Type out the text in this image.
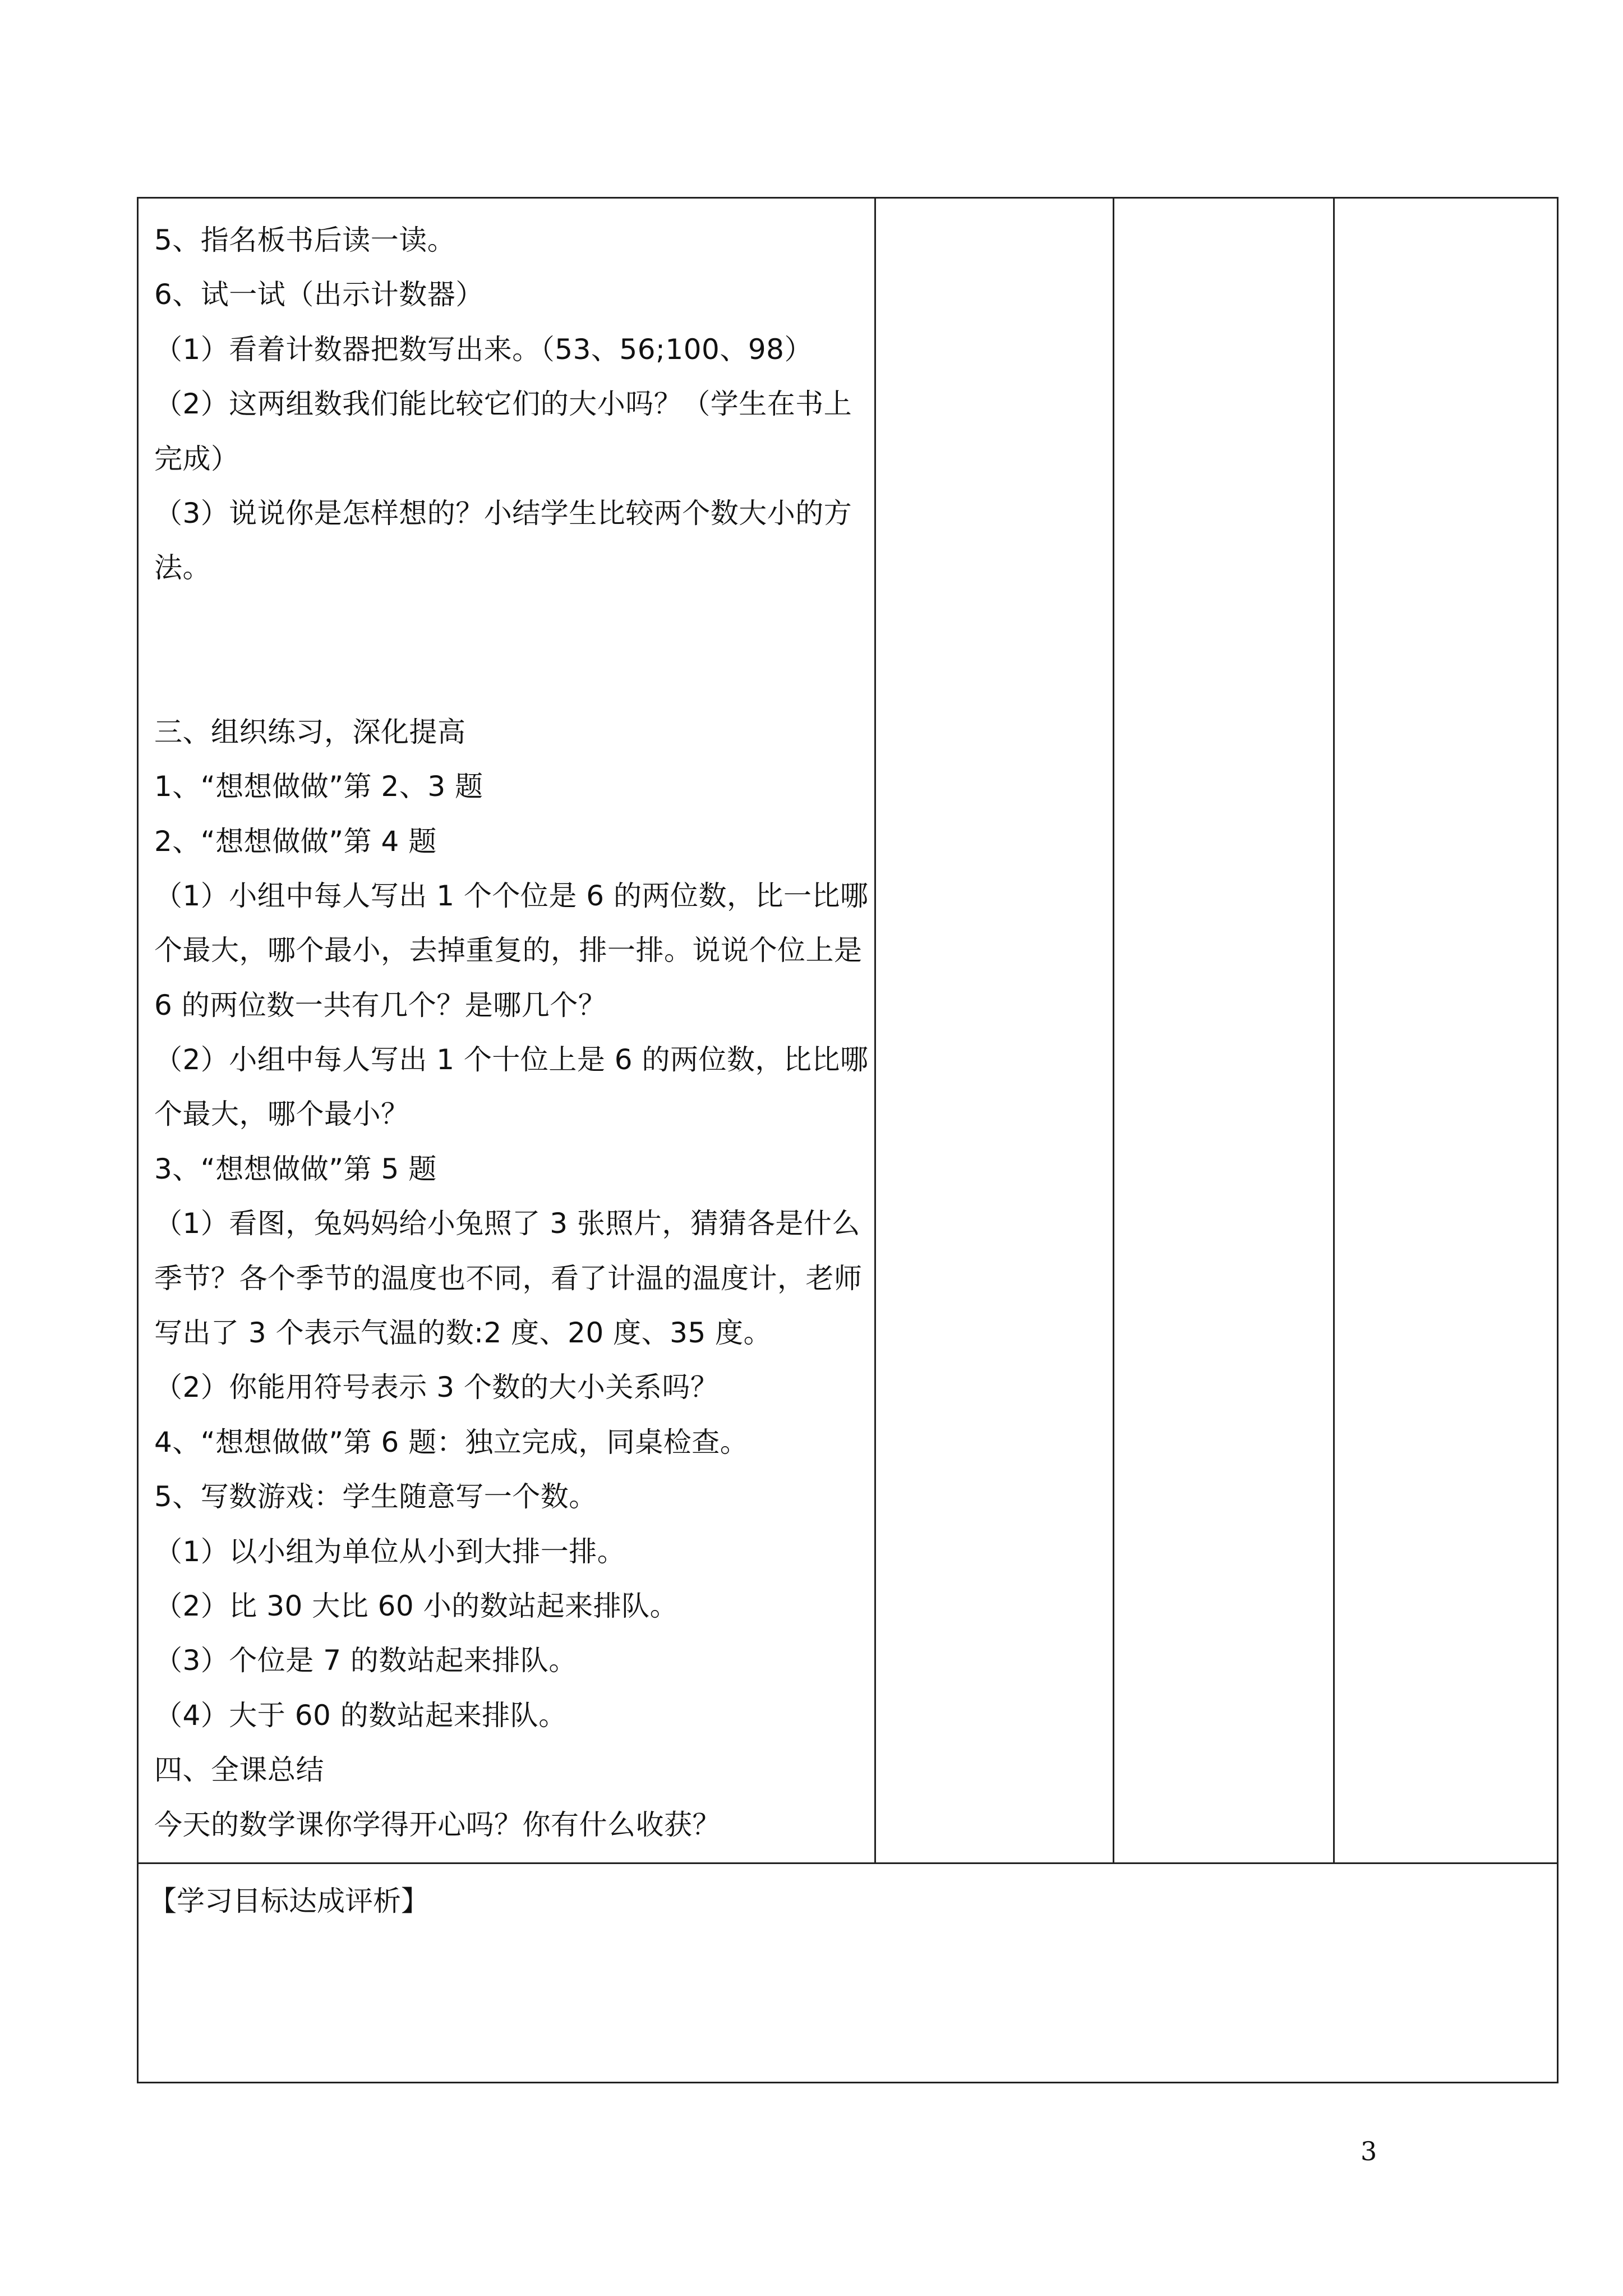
5、指名板书后读一读。
6、试一试（出示计数器）
（1）看着计数器把数写出来。（53、56;100、98）
（2）这两组数我们能比较它们的大小吗？（学生在书上
完成）
（3）说说你是怎样想的？小结学生比较两个数大小的方
法。
三、组织练习，深化提高
1、“想想做做”第 2、3 题
2、“想想做做”第 4 题
（1）小组中每人写出 1 个个位是 6 的两位数，比一比哪
个最大，哪个最小，去掉重复的，排一排。说说个位上是
6 的两位数一共有几个？是哪几个？
（2）小组中每人写出 1 个十位上是 6 的两位数，比比哪
个最大，哪个最小？
3、“想想做做”第 5 题
（1）看图，兔妈妈给小兔照了 3 张照片，猜猜各是什么
季节？各个季节的温度也不同，看了计温的温度计，老师
写出了 3 个表示气温的数:2 度、20 度、35 度。
（2）你能用符号表示 3 个数的大小关系吗？
4、“想想做做”第 6 题：独立完成，同桌检查。
5、写数游戏：学生随意写一个数。
（1）以小组为单位从小到大排一排。
（2）比 30 大比 60 小的数站起来排队。
（3）个位是 7 的数站起来排队。
（4）大于 60 的数站起来排队。
四、全课总结
今天的数学课你学得开心吗？你有什么收获？

【学习目标达成评析】
3
